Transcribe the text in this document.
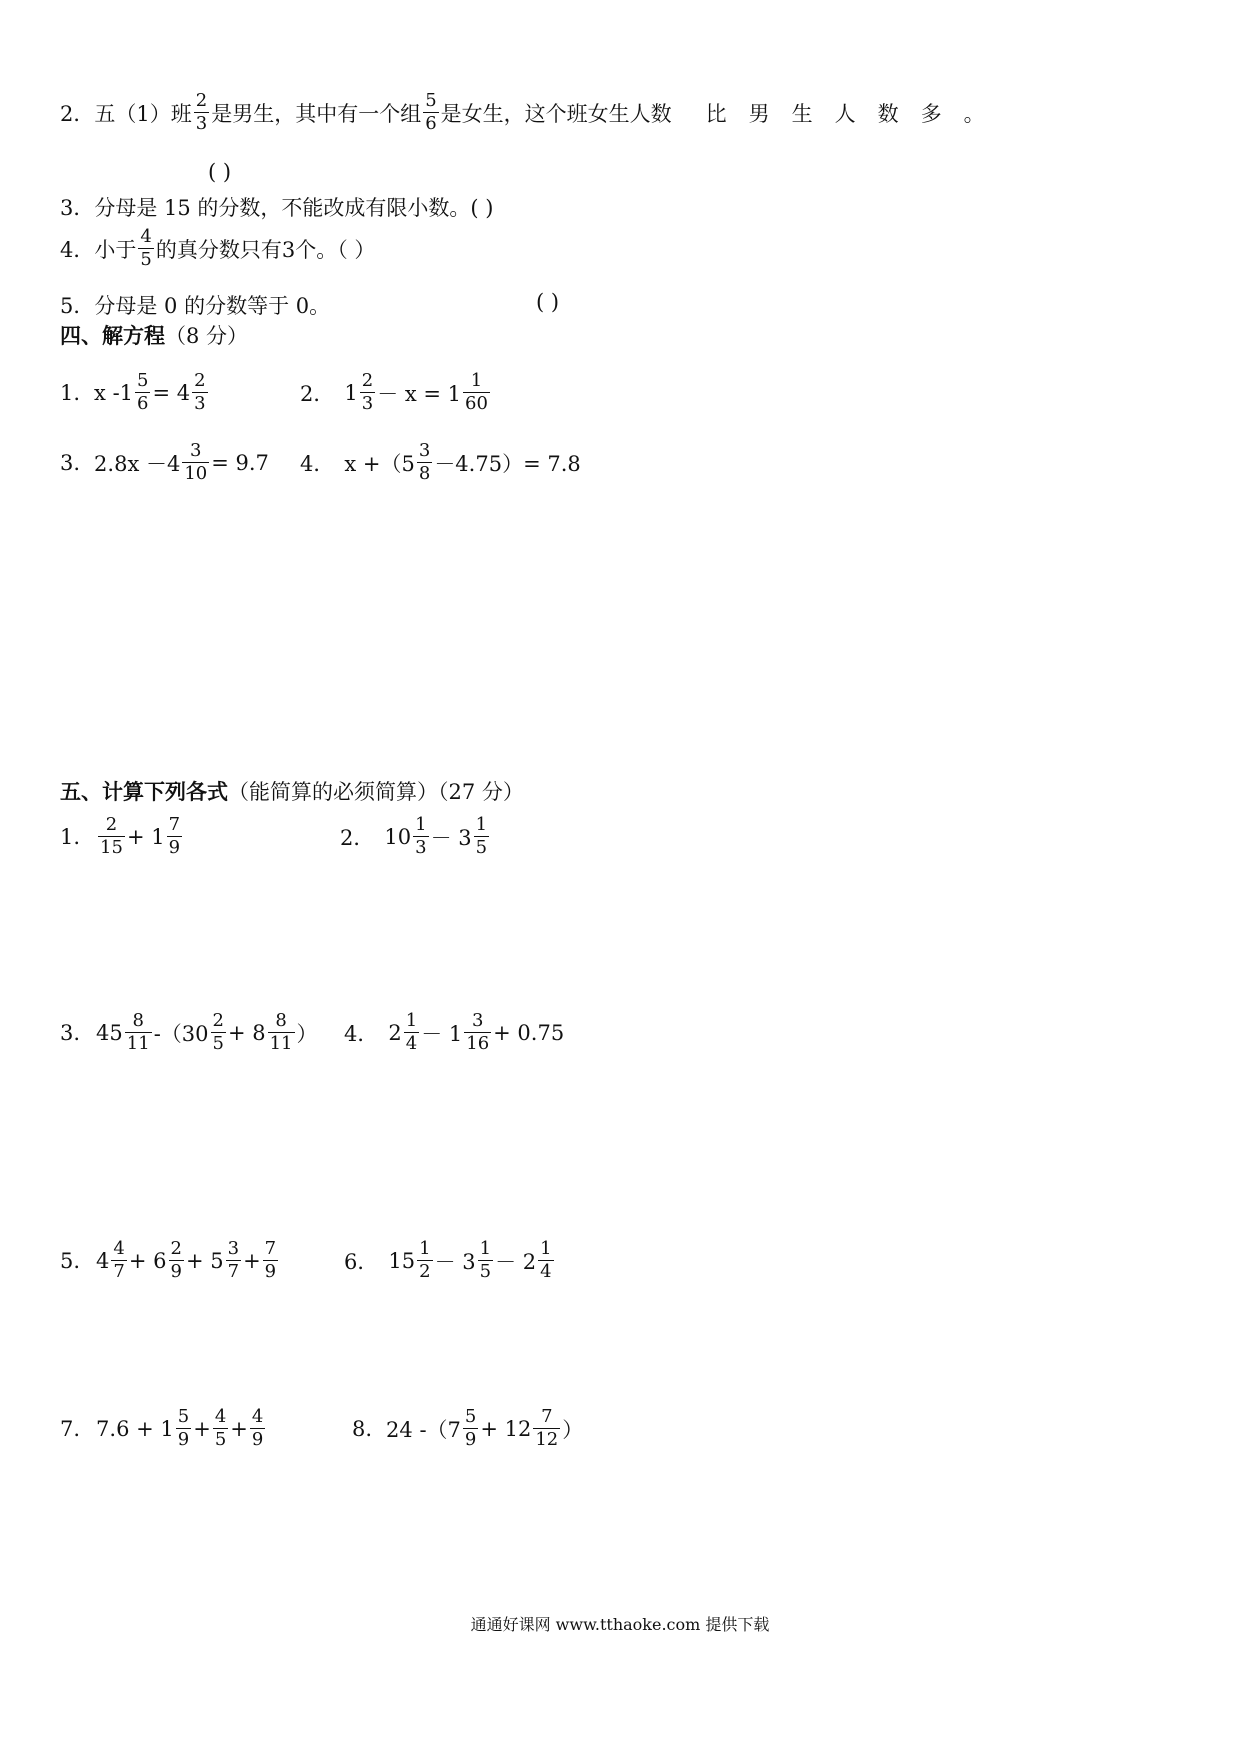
2． 五（1）班 $\frac{2}{3}$ 是男生，其中有一个组 $\frac{5}{6}$ 是女生，这个班女生人数 比男生人数多 。
( )
3．分母是 15 的分数，不能改成有限小数。( )
4． 小于 $\frac{4}{5}$ 的真分数只有3个。（ ）
5．分母是 0 的分数等于 0。	( )
四、解方程 （8 分）
1. x $-1 \frac{5}{6} = 4 \frac{2}{3}$	2． $1 \frac{2}{3} - x = 1 \frac{1}{60}$
3. $2.8x -4 \frac{3}{10} = 9.7$ 4． $x +(5 \frac{3}{8} -4.75)= 7.8$
五、计算下列各式 （能简算的必须简算）（27 分）
1. $\frac{2}{15} + 1 \frac{7}{9}$	2． $10 \frac{1}{3} - 3 \frac{1}{5}$
3. $45 \frac{8}{11} -(30 \frac{2}{5} + 8 \frac{8}{11}$ ） 4． $2 \frac{1}{4} - 1 \frac{3}{16} + 0.75$
5. $4 \frac{4}{7} + 6 \frac{2}{9} + 5 \frac{3}{7} + \frac{7}{9}$	6． $15 \frac{1}{2} - 3 \frac{1}{5} - 2 \frac{1}{4}$
7. $7.6 + 1 \frac{5}{9} + \frac{4}{5} + \frac{4}{9}$	8. 24 $-(7 \frac{5}{9} + 12 \frac{7}{12}$ ）
通通好课网 www.tthaoke.com 提供下载
